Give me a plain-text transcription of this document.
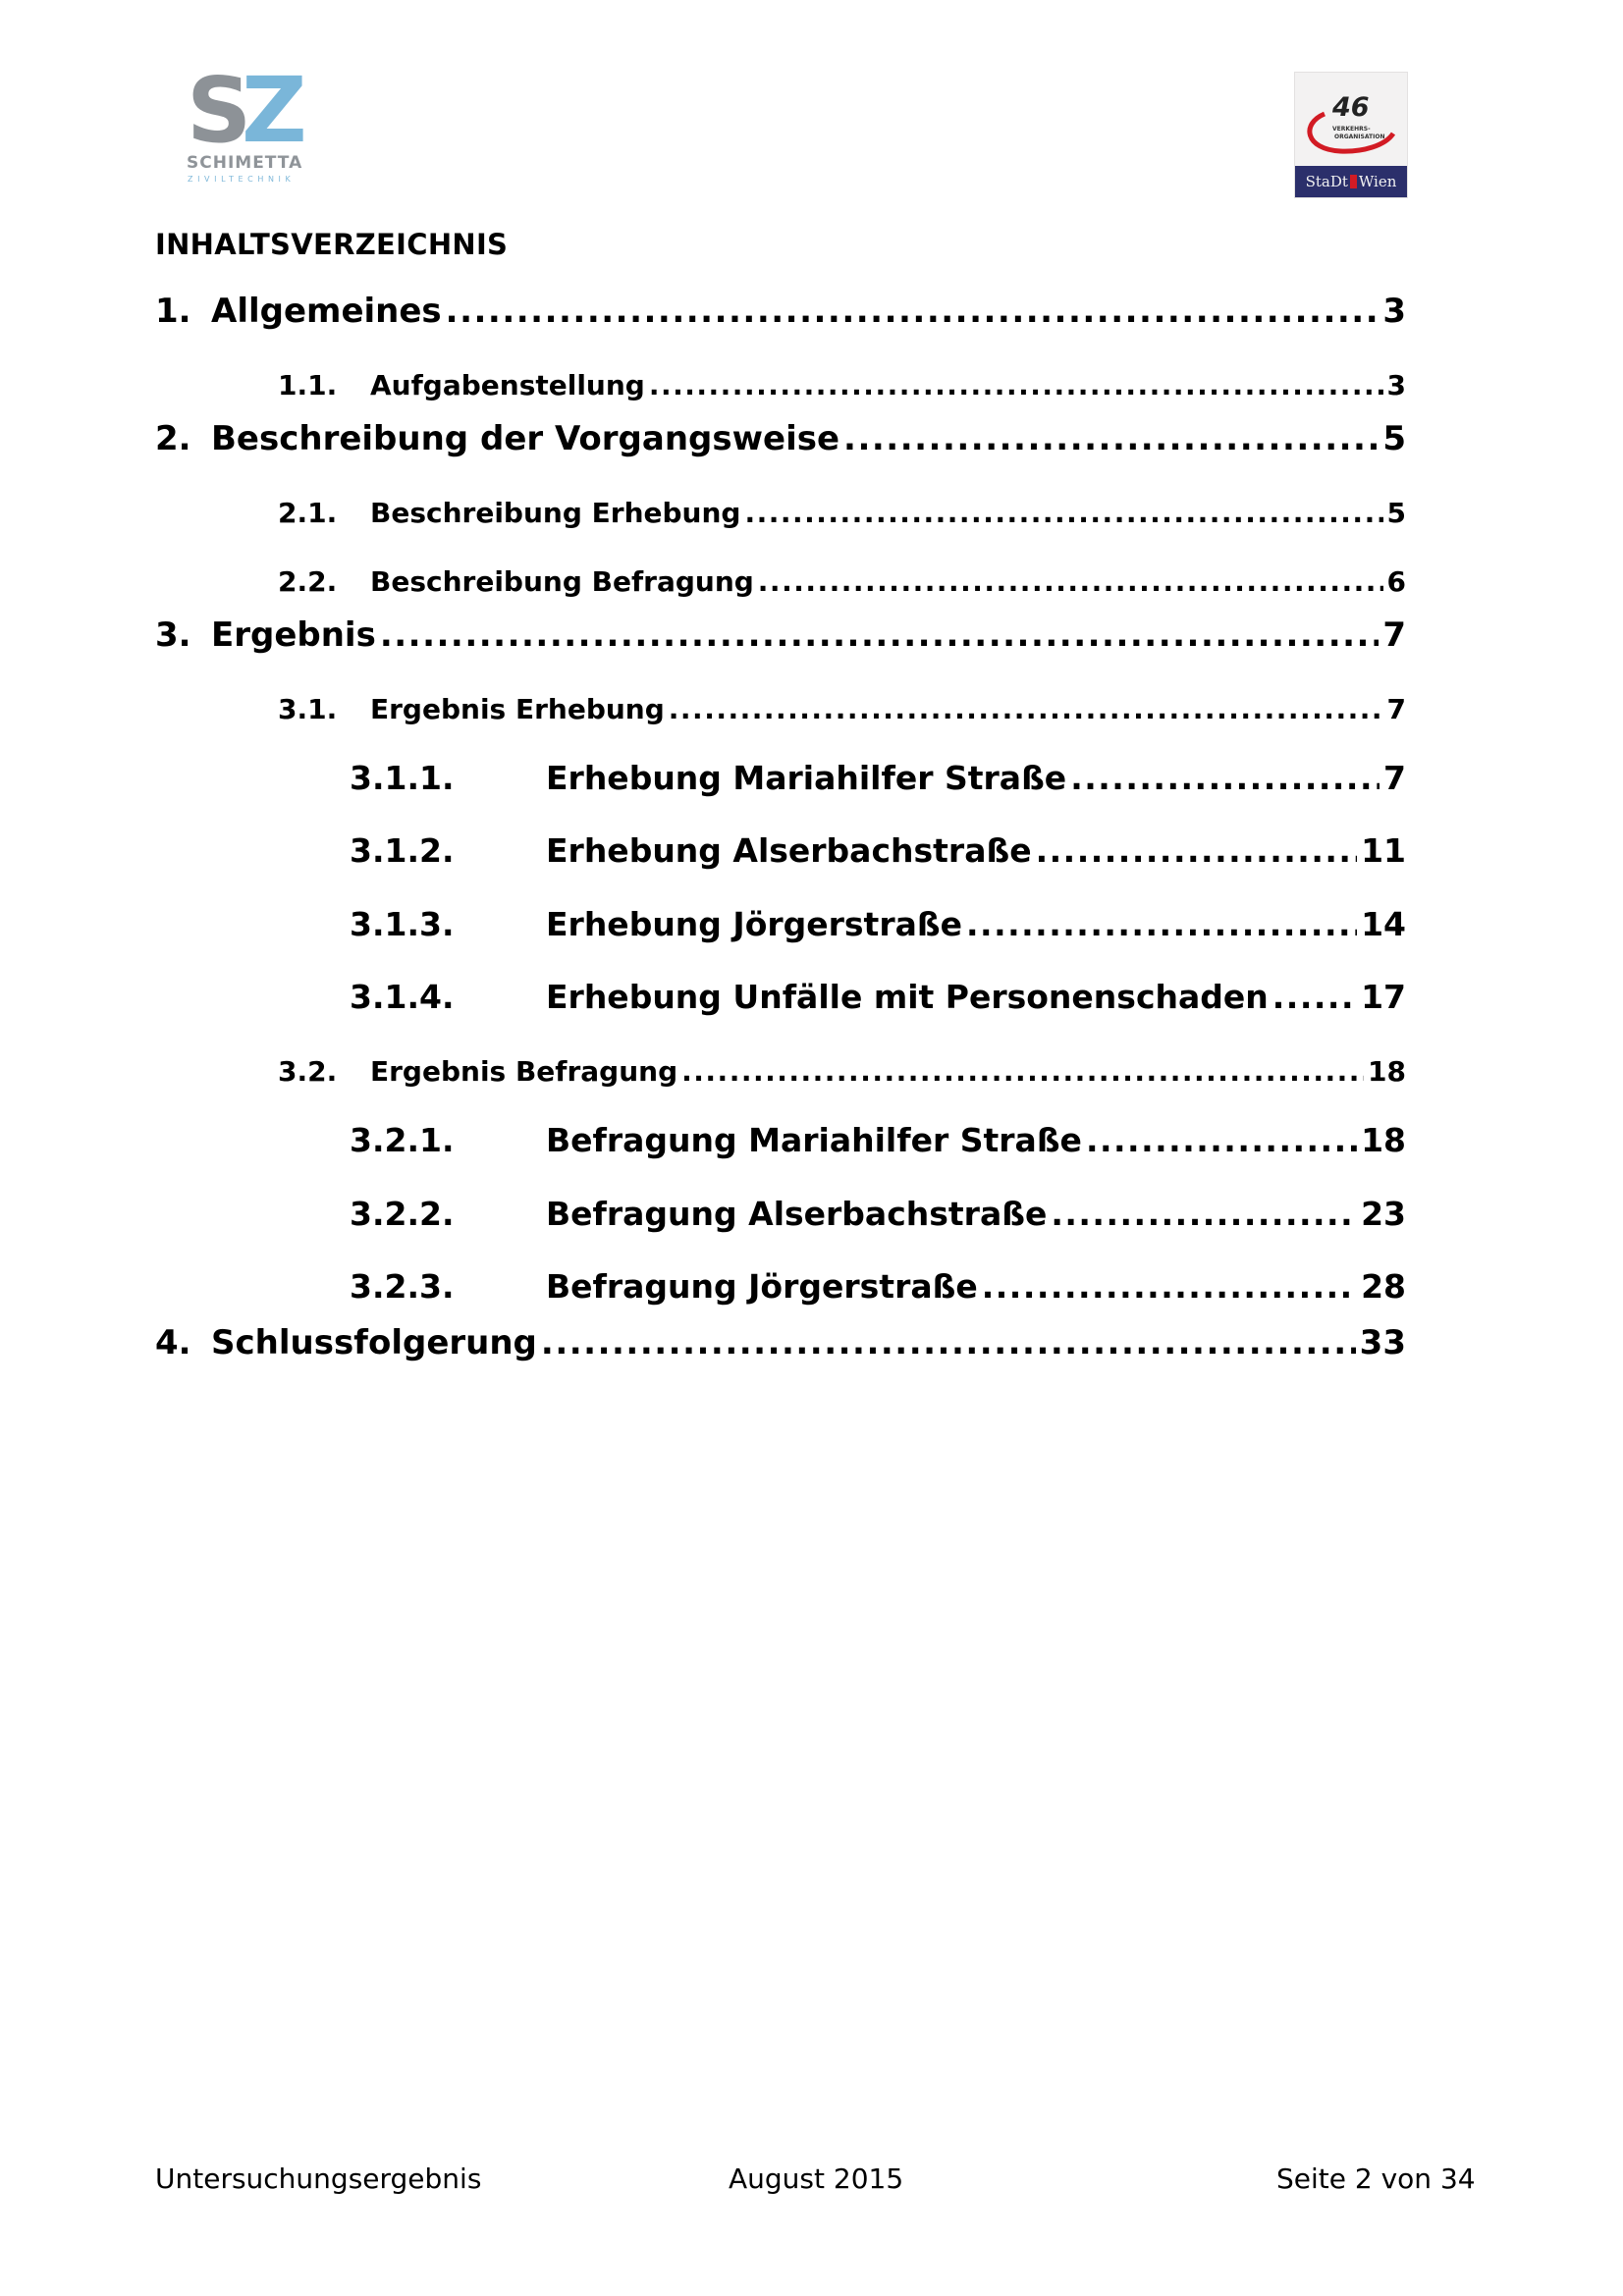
S
Z
SCHIMETTA
ZIVILTECHNIK
46
VERKEHRS-
ORGANISATION
StaDt Wien
INHALTSVERZEICHNIS
1. Allgemeines .....	3
1.1.	Aufgabenstellung .....	3
2. Beschreibung der Vorgangsweise .....	5
2.1.	Beschreibung Erhebung .....	5
2.2.	Beschreibung Befragung .....	6
3. Ergebnis .....	7
3.1.	Ergebnis Erhebung .....	7
3.1.1.	Erhebung Mariahilfer Straße .....	7
3.1.2.	Erhebung Alserbachstraße .....	11
3.1.3.	Erhebung Jörgerstraße .....	14
3.1.4.	Erhebung Unfälle mit Personenschaden .....	17
3.2.	Ergebnis Befragung .....	18
3.2.1.	Befragung Mariahilfer Straße .....	18
3.2.2.	Befragung Alserbachstraße .....	23
3.2.3.	Befragung Jörgerstraße .....	28
4. Schlussfolgerung .....	33
Untersuchungsergebnis	August 2015	Seite 2 von 34
